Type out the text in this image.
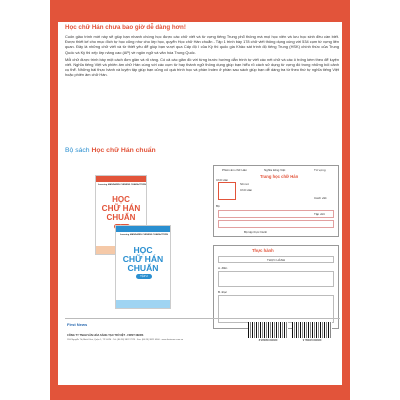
Học chữ Hán chưa bao giờ dễ dàng hơn!

Cuốn giáo trình mới này sẽ giúp bạn nhanh chóng học được các chữ viết và từ vựng tiếng Trung phổ thông mà mọi học viên và lưu học sinh đều cần biết. Được thiết kế cho mục đích tự học cũng như cho lớp học, quyển Học chữ Hán chuẩn - Tập 1 trình bày 178 chữ viết thông dụng cùng với 534 cụm từ vựng liên quan. Đây là những chữ viết và từ thiết yêu để giúp bạn vượt qua Cấp độ I của Kỳ thi quốc gia Khảo sát trình độ tiếng Trung (HSK) chính thức của Trung Quốc và Kỳ thi xếp lớp nâng cao (AP) về ngôn ngữ và văn hóa Trung Quốc.

Mỗi chữ được trình bày một cách đơn giản và rõ ràng. Có cả các giản đồ với từng bước hướng dẫn trình tự viết các nét chữ và các ô trống kèm theo để luyện viết. Nghĩa tiếng Việt và phiên âm chữ Hán cùng với các cụm từ hay thành ngữ thông dụng giúp bạn hiểu rõ cách sử dụng từ vựng đó trong những bối cảnh cụ thể. Những bài thực hành và luyện tập giúp bạn củng cố quá trình học và phần Index ở phần sau sách giúp bạn dễ dàng tra từ theo thứ tự nghĩa tiếng Việt hoặc phiên âm chữ Hán.

Bộ sách Học chữ Hán chuẩn
Learning MANDARIN CHINESE CHARACTERS
HỌC
CHỮ HÁN
CHUẨN
Learning MANDARIN CHINESE CHARACTERS
HỌC
CHỮ HÁN
CHUẨN
TẬP 2
Phiên âm chữ Hán	Nghĩa tiếng Việt	Từ vựng
Trang học chữ Hán
Chữ Hán
Số nét
Chữ Hán
Bộ
Cách viết
Tập viết
Bộ tập thực hành
Thực hành
THỰC HÀNH
A. điền
B. Đọc
First News
CÔNG TY TNHH VĂN HÓA SÁNG TẠO TRÍ VIỆT - FIRST NEWS
11H Nguyễn Thị Minh Khai, Quận 1, TP. HCM · Tel: (84.28) 3822 7979 · Fax: (84.28) 3822 4560 · www.firstnews.com.vn	8 935086 844669	9 786045 844669
